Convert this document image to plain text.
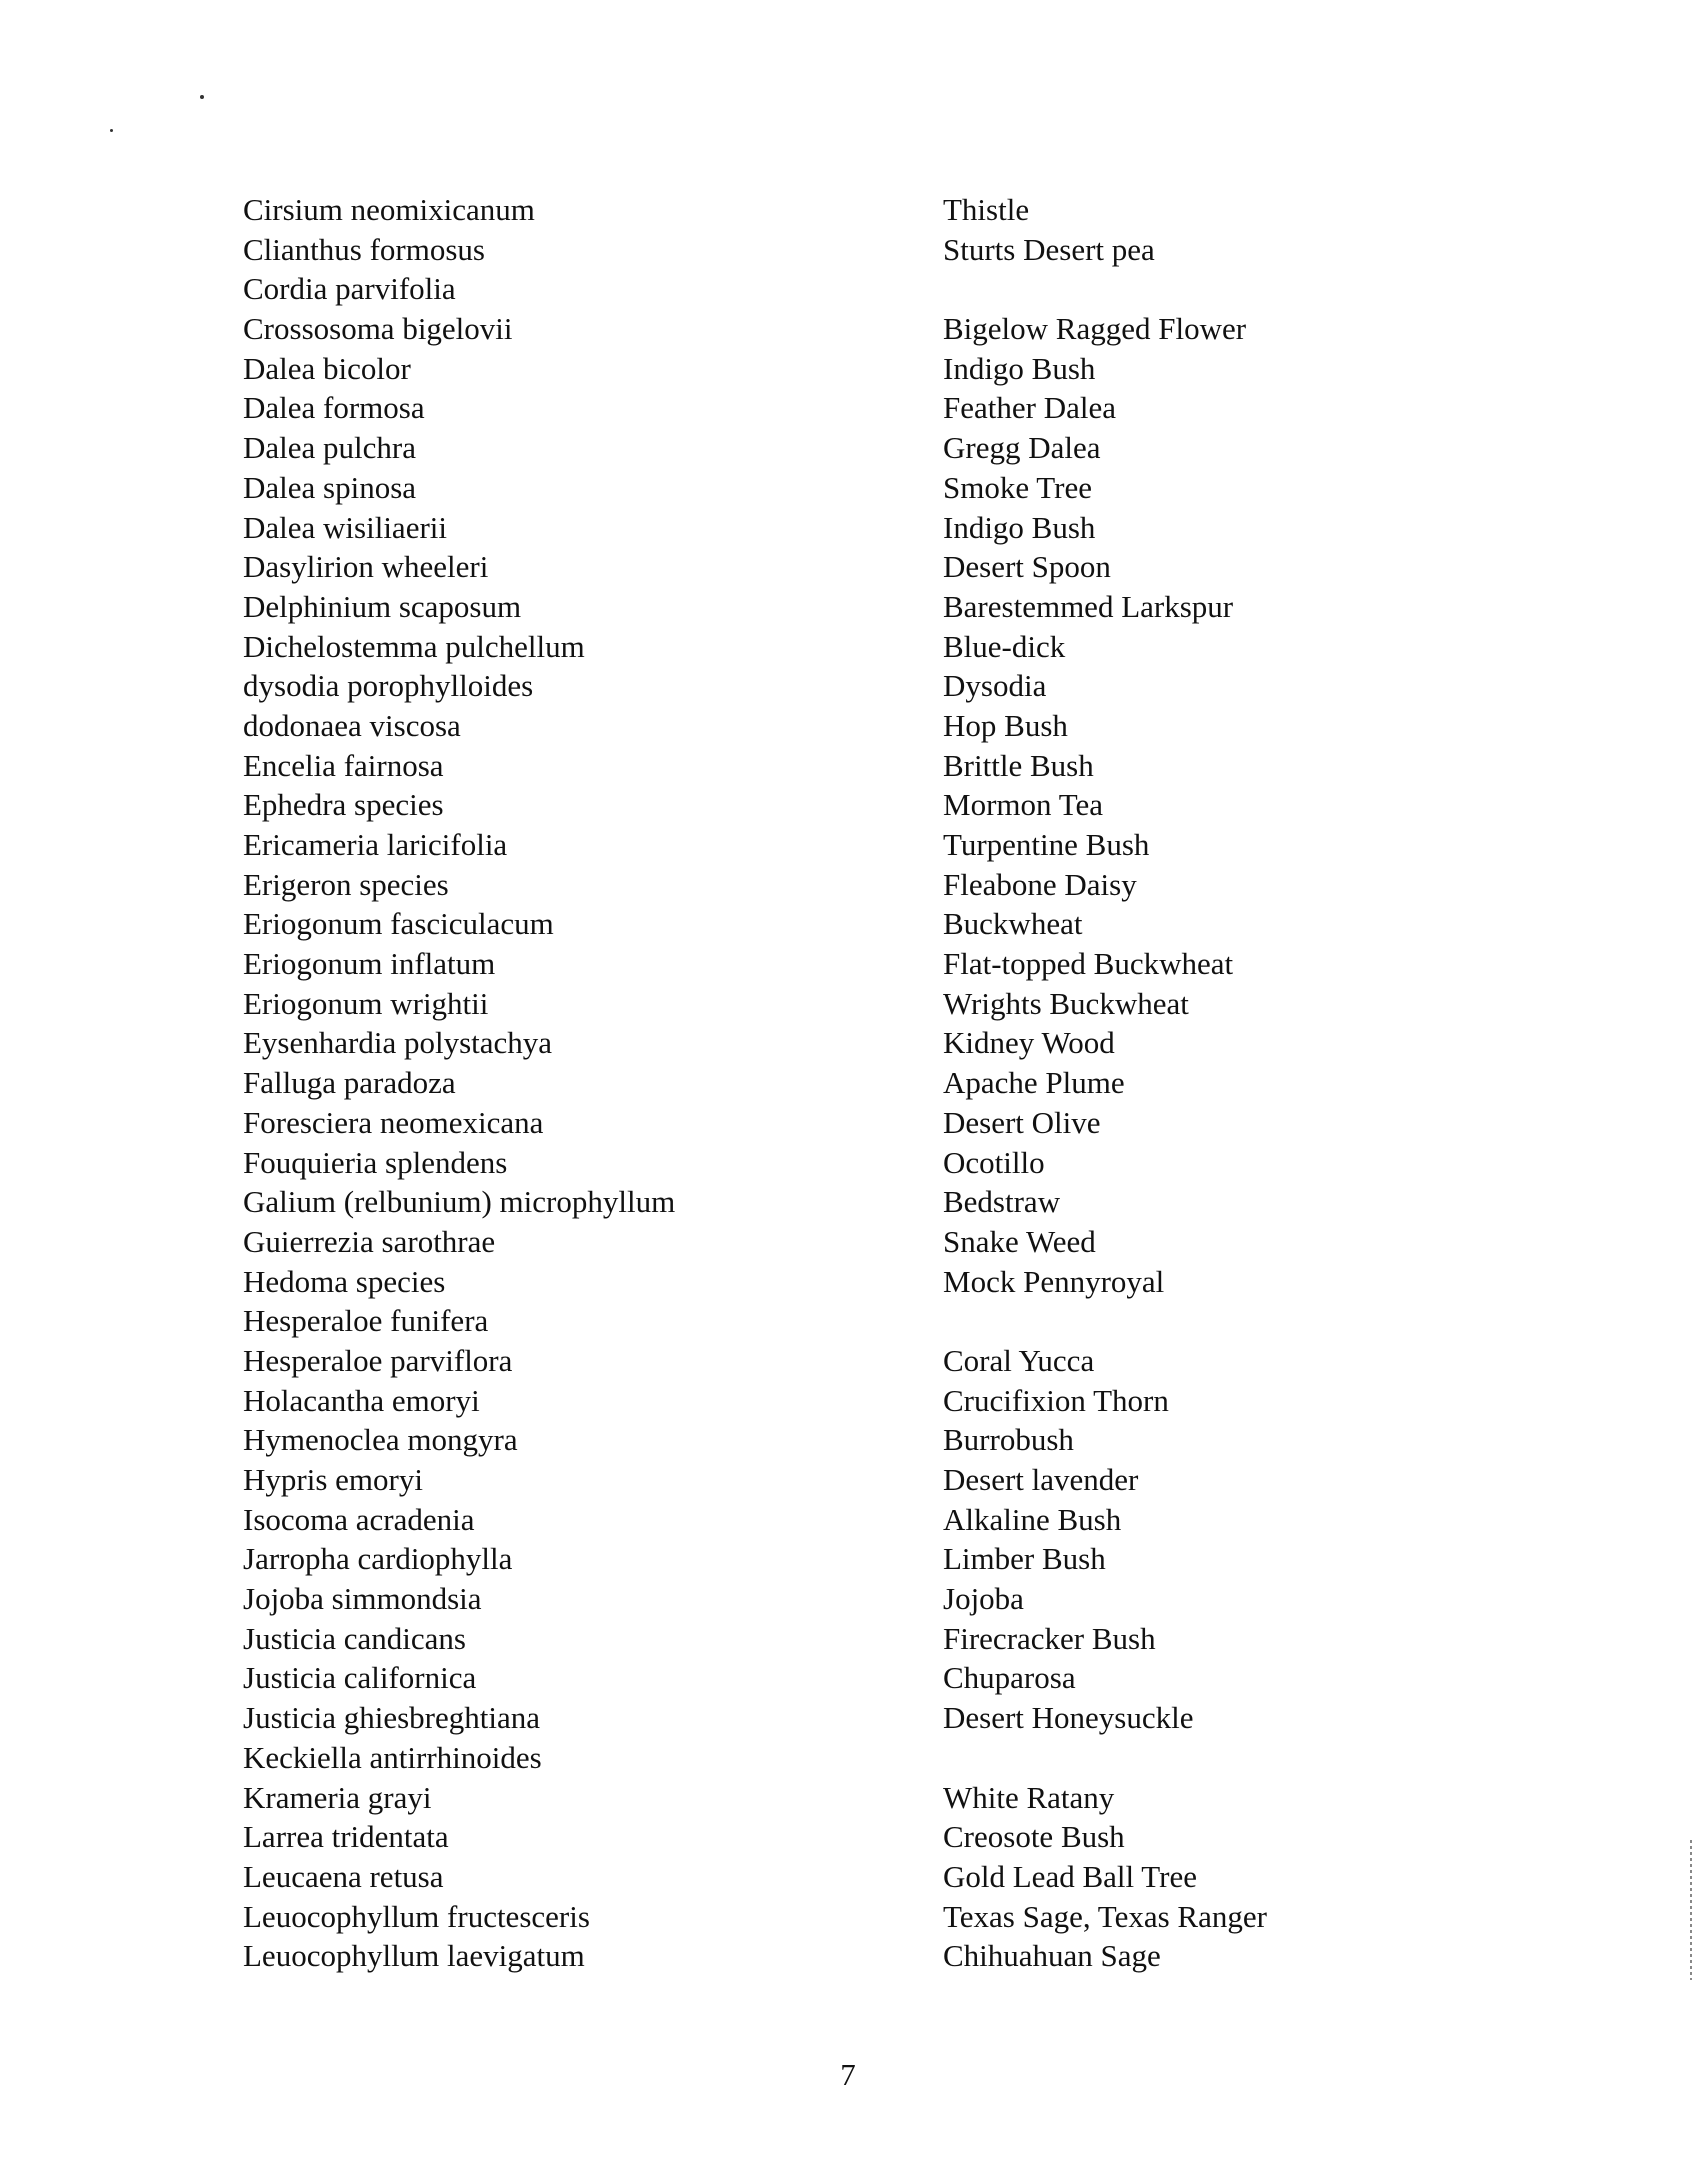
Cirsium neomixicanum	Thistle
Clianthus formosus	Sturts Desert pea
Cordia parvifolia
Crossosoma bigelovii	Bigelow Ragged Flower
Dalea bicolor	Indigo Bush
Dalea formosa	Feather Dalea
Dalea pulchra	Gregg Dalea
Dalea spinosa	Smoke Tree
Dalea wisiliaerii	Indigo Bush
Dasylirion wheeleri	Desert Spoon
Delphinium scaposum	Barestemmed Larkspur
Dichelostemma pulchellum	Blue-dick
dysodia porophylloides	Dysodia
dodonaea viscosa	Hop Bush
Encelia fairnosa	Brittle Bush
Ephedra species	Mormon Tea
Ericameria laricifolia	Turpentine Bush
Erigeron species	Fleabone Daisy
Eriogonum fasciculacum	Buckwheat
Eriogonum inflatum	Flat-topped Buckwheat
Eriogonum wrightii	Wrights Buckwheat
Eysenhardia polystachya	Kidney Wood
Falluga paradoza	Apache Plume
Foresciera neomexicana	Desert Olive
Fouquieria splendens	Ocotillo
Galium (relbunium) microphyllum	Bedstraw
Guierrezia sarothrae	Snake Weed
Hedoma species	Mock Pennyroyal
Hesperaloe funifera
Hesperaloe parviflora	Coral Yucca
Holacantha emoryi	Crucifixion Thorn
Hymenoclea mongyra	Burrobush
Hypris emoryi	Desert lavender
Isocoma acradenia	Alkaline Bush
Jarropha cardiophylla	Limber Bush
Jojoba simmondsia	Jojoba
Justicia candicans	Firecracker Bush
Justicia californica	Chuparosa
Justicia ghiesbreghtiana	Desert Honeysuckle
Keckiella antirrhinoides
Krameria grayi	White Ratany
Larrea tridentata	Creosote Bush
Leucaena retusa	Gold Lead Ball Tree
Leuocophyllum fructesceris	Texas Sage, Texas Ranger
Leuocophyllum laevigatum	Chihuahuan Sage
7
